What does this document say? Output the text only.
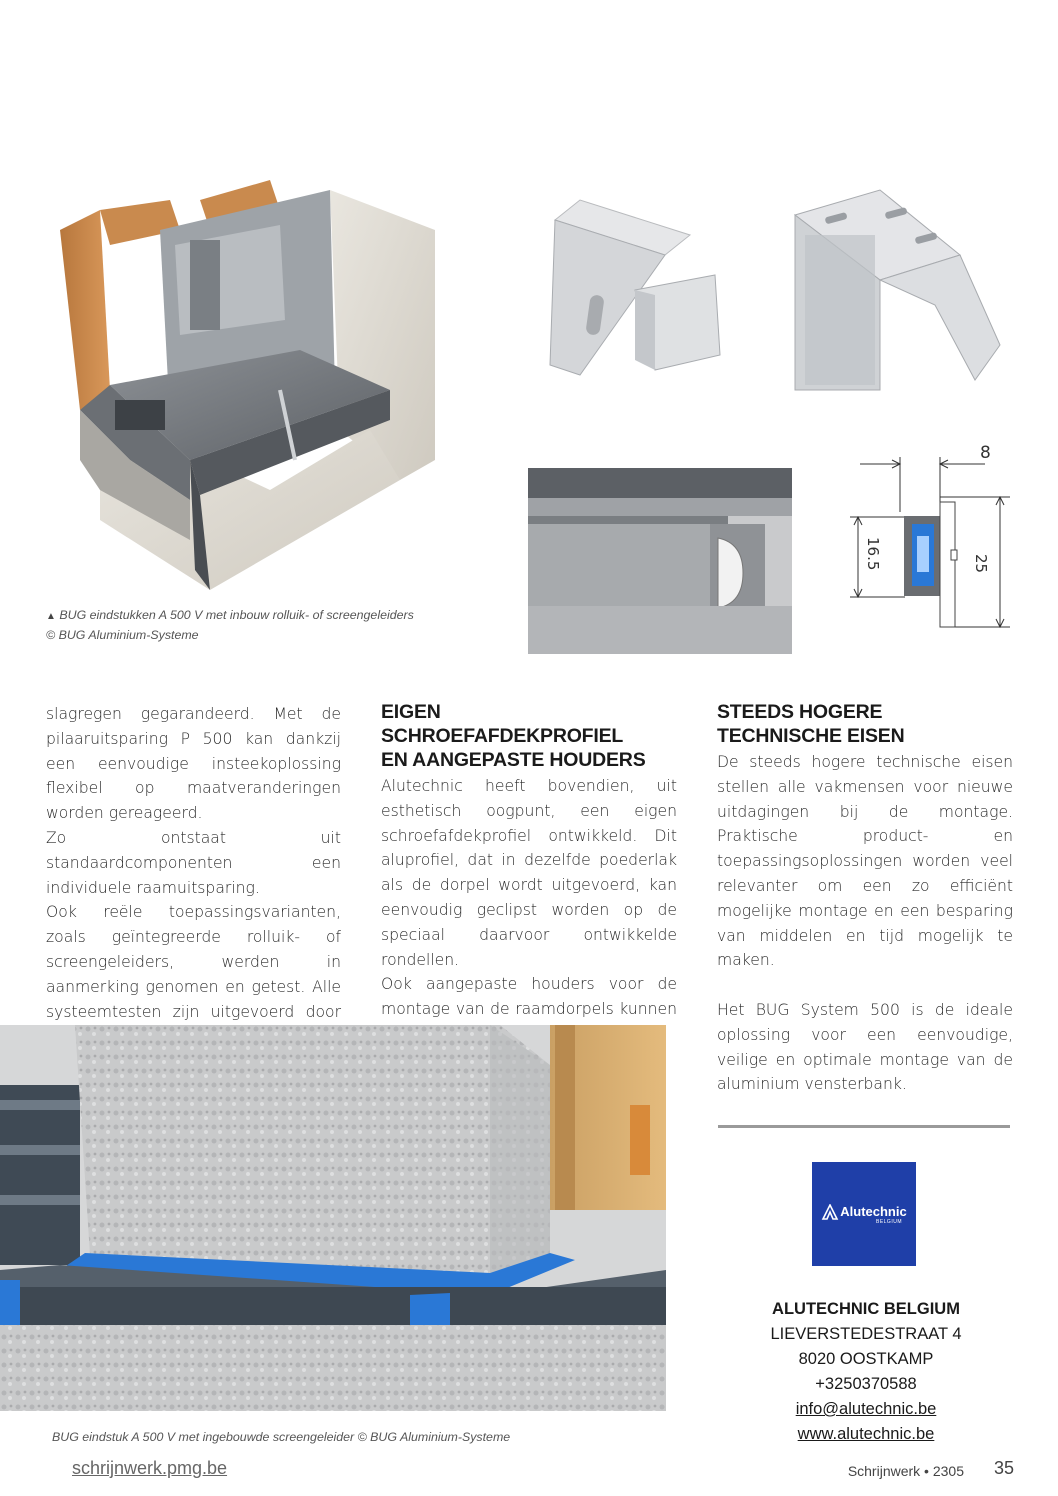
▲ BUG eindstukken A 500 V met inbouw rolluik- of screengeleiders
© BUG Aluminium-Systeme
8
16.5	25

slagregen gegarandeerd. Met de pilaaruitsparing P 500 kan dankzij een eenvoudige insteekoplossing flexibel op maatveranderingen worden gereageerd.

Zo ontstaat uit standaardcomponenten een individuele raamuitsparing.

Ook reële toepassingsvarianten, zoals geïntegreerde rolluik- of screengeleiders, werden in aanmerking genomen en getest. Alle systeemtesten zijn uitgevoerd door

EIGEN SCHROEFAFDEKPROFIEL
EN AANGEPASTE HOUDERS

Alutechnic heeft bovendien, uit esthetisch oogpunt, een eigen schroefafdekprofiel ontwikkeld. Dit aluprofiel, dat in dezelfde poederlak als de dorpel wordt uitgevoerd, kan eenvoudig geclipst worden op de speciaal daarvoor ontwikkelde rondellen.

Ook aangepaste houders voor de montage van de raamdorpels kunnen

STEEDS HOGERE
TECHNISCHE EISEN

De steeds hogere technische eisen stellen alle vakmensen voor nieuwe uitdagingen bij de montage. Praktische product- en toepassingsoplossingen worden veel relevanter om een zo efficiënt mogelijke montage en een besparing van middelen en tijd mogelijk te maken.

Het BUG System 500 is de ideale oplossing voor een eenvoudige, veilige en optimale montage van de aluminium vensterbank.

BUG eindstuk A 500 V met ingebouwde screengeleider © BUG Aluminium-Systeme
Alutechnic
BELGIUM
ALUTECHNIC BELGIUM
LIEVERSTEDESTRAAT 4
8020 OOSTKAMP
+3250370588
info@alutechnic.be
www.alutechnic.be
schrijnwerk.pmg.be	Schrijnwerk • 2305 35
